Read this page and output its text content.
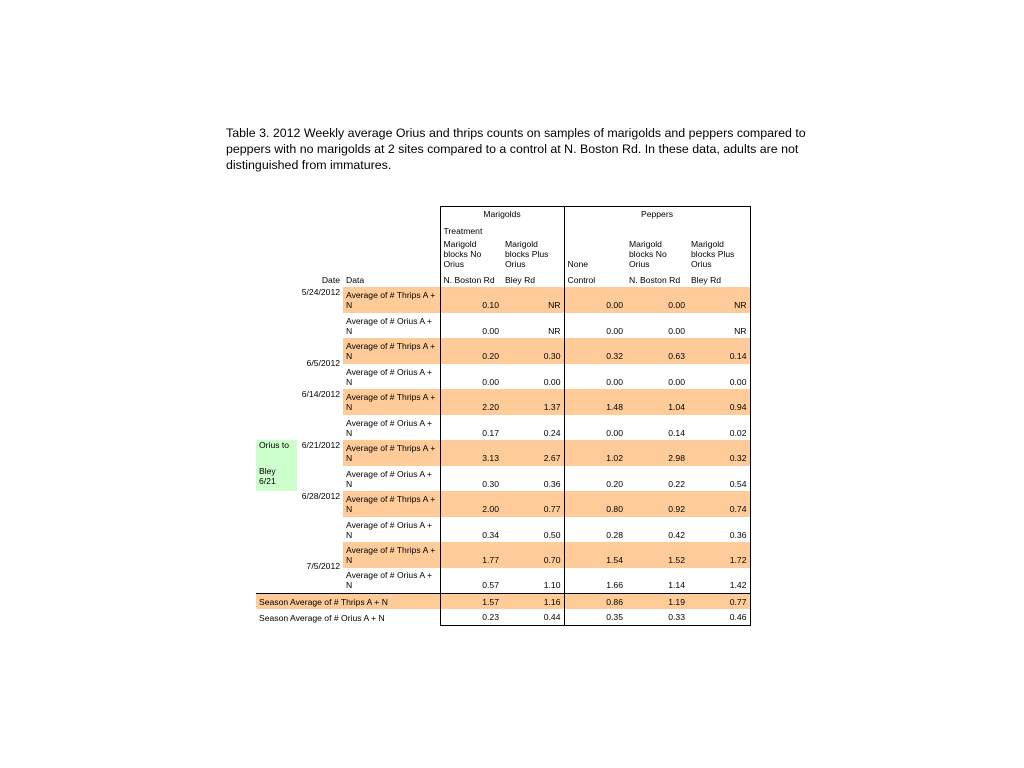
Table 3. 2012 Weekly average Orius and thrips counts on samples of marigolds and peppers compared to peppers with no marigolds at 2 sites compared to a control at N. Boston Rd. In these data, adults are not distinguished from immatures.
			Marigolds		Peppers		
			Treatment				
			Marigold blocks No Orius	Marigold blocks Plus Orius	None	Marigold blocks No Orius	Marigold blocks Plus Orius
	Date	Data	N. Boston Rd	Bley Rd	Control	N. Boston Rd	Bley Rd
	5/24/2012	Average of # Thrips A + N	0.10	NR	0.00	0.00	NR
		Average of # Orius A + N	0.00	NR	0.00	0.00	NR
	6/5/2012	Average of # Thrips A + N	0.20	0.30	0.32	0.63	0.14
		Average of # Orius A + N	0.00	0.00	0.00	0.00	0.00
	6/14/2012	Average of # Thrips A + N	2.20	1.37	1.48	1.04	0.94
		Average of # Orius A + N	0.17	0.24	0.00	0.14	0.02
Orius to	6/21/2012	Average of # Thrips A + N	3.13	2.67	1.02	2.98	0.32
Bley 6/21		Average of # Orius A + N	0.30	0.36	0.20	0.22	0.54
	6/28/2012	Average of # Thrips A + N	2.00	0.77	0.80	0.92	0.74
		Average of # Orius A + N	0.34	0.50	0.28	0.42	0.36
	7/5/2012	Average of # Thrips A + N	1.77	0.70	1.54	1.52	1.72
		Average of # Orius A + N	0.57	1.10	1.66	1.14	1.42
Season Average of # Thrips A + N			1.57	1.16	0.86	1.19	0.77
Season Average of # Orius A + N			0.23	0.44	0.35	0.33	0.46
